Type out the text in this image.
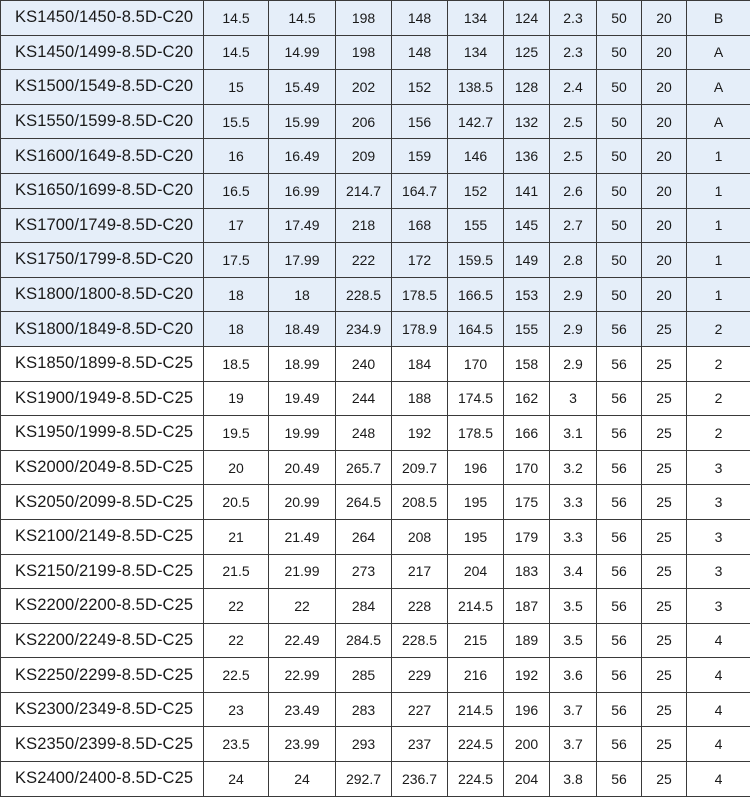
KS1450/1450-8.5D-C20	14.5	14.5	198	148	134	124	2.3	50	20	B
KS1450/1499-8.5D-C20	14.5	14.99	198	148	134	125	2.3	50	20	A
KS1500/1549-8.5D-C20	15	15.49	202	152	138.5	128	2.4	50	20	A
KS1550/1599-8.5D-C20	15.5	15.99	206	156	142.7	132	2.5	50	20	A
KS1600/1649-8.5D-C20	16	16.49	209	159	146	136	2.5	50	20	1
KS1650/1699-8.5D-C20	16.5	16.99	214.7	164.7	152	141	2.6	50	20	1
KS1700/1749-8.5D-C20	17	17.49	218	168	155	145	2.7	50	20	1
KS1750/1799-8.5D-C20	17.5	17.99	222	172	159.5	149	2.8	50	20	1
KS1800/1800-8.5D-C20	18	18	228.5	178.5	166.5	153	2.9	50	20	1
KS1800/1849-8.5D-C20	18	18.49	234.9	178.9	164.5	155	2.9	56	25	2
KS1850/1899-8.5D-C25	18.5	18.99	240	184	170	158	2.9	56	25	2
KS1900/1949-8.5D-C25	19	19.49	244	188	174.5	162	3	56	25	2
KS1950/1999-8.5D-C25	19.5	19.99	248	192	178.5	166	3.1	56	25	2
KS2000/2049-8.5D-C25	20	20.49	265.7	209.7	196	170	3.2	56	25	3
KS2050/2099-8.5D-C25	20.5	20.99	264.5	208.5	195	175	3.3	56	25	3
KS2100/2149-8.5D-C25	21	21.49	264	208	195	179	3.3	56	25	3
KS2150/2199-8.5D-C25	21.5	21.99	273	217	204	183	3.4	56	25	3
KS2200/2200-8.5D-C25	22	22	284	228	214.5	187	3.5	56	25	3
KS2200/2249-8.5D-C25	22	22.49	284.5	228.5	215	189	3.5	56	25	4
KS2250/2299-8.5D-C25	22.5	22.99	285	229	216	192	3.6	56	25	4
KS2300/2349-8.5D-C25	23	23.49	283	227	214.5	196	3.7	56	25	4
KS2350/2399-8.5D-C25	23.5	23.99	293	237	224.5	200	3.7	56	25	4
KS2400/2400-8.5D-C25	24	24	292.7	236.7	224.5	204	3.8	56	25	4
